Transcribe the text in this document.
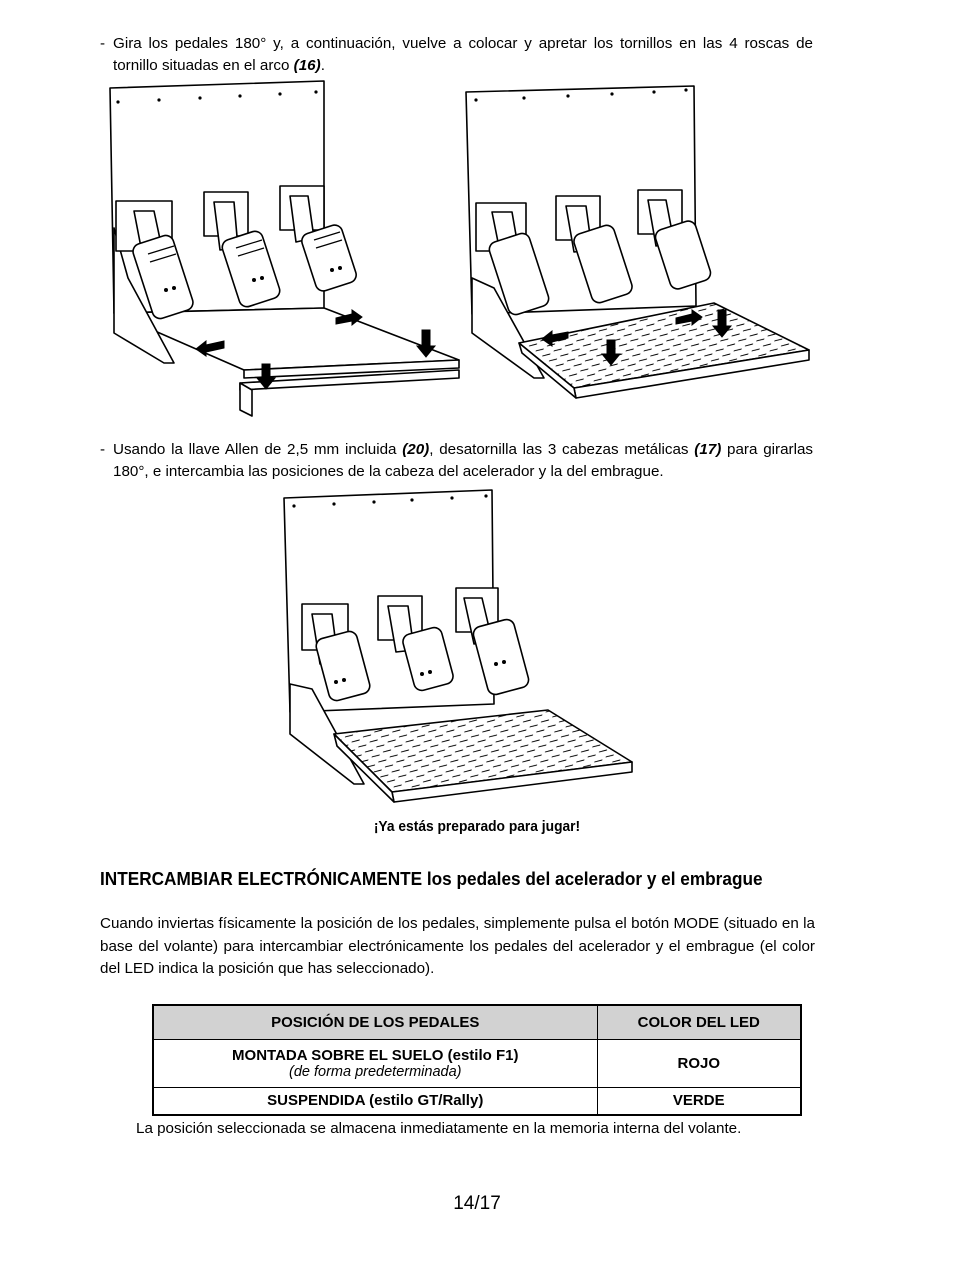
- Gira los pedales 180° y, a continuación, vuelve a colocar y apretar los tornillos en las 4 roscas de tornillo situadas en el arco (16).
- Usando la llave Allen de 2,5 mm incluida (20), desatornilla las 3 cabezas metálicas (17) para girarlas 180°, e intercambia las posiciones de la cabeza del acelerador y la del embrague.
¡Ya estás preparado para jugar!
INTERCAMBIAR ELECTRÓNICAMENTE los pedales del acelerador y el embrague
Cuando inviertas físicamente la posición de los pedales, simplemente pulsa el botón MODE (situado en la base del volante) para intercambiar electrónicamente los pedales del acelerador y el embrague (el color del LED indica la posición que has seleccionado).
POSICIÓN DE LOS PEDALES	COLOR DEL LED
MONTADA SOBRE EL SUELO (estilo F1)
(de forma predeterminada)	ROJO
SUSPENDIDA (estilo GT/Rally)	VERDE
La posición seleccionada se almacena inmediatamente en la memoria interna del volante.
14/17
